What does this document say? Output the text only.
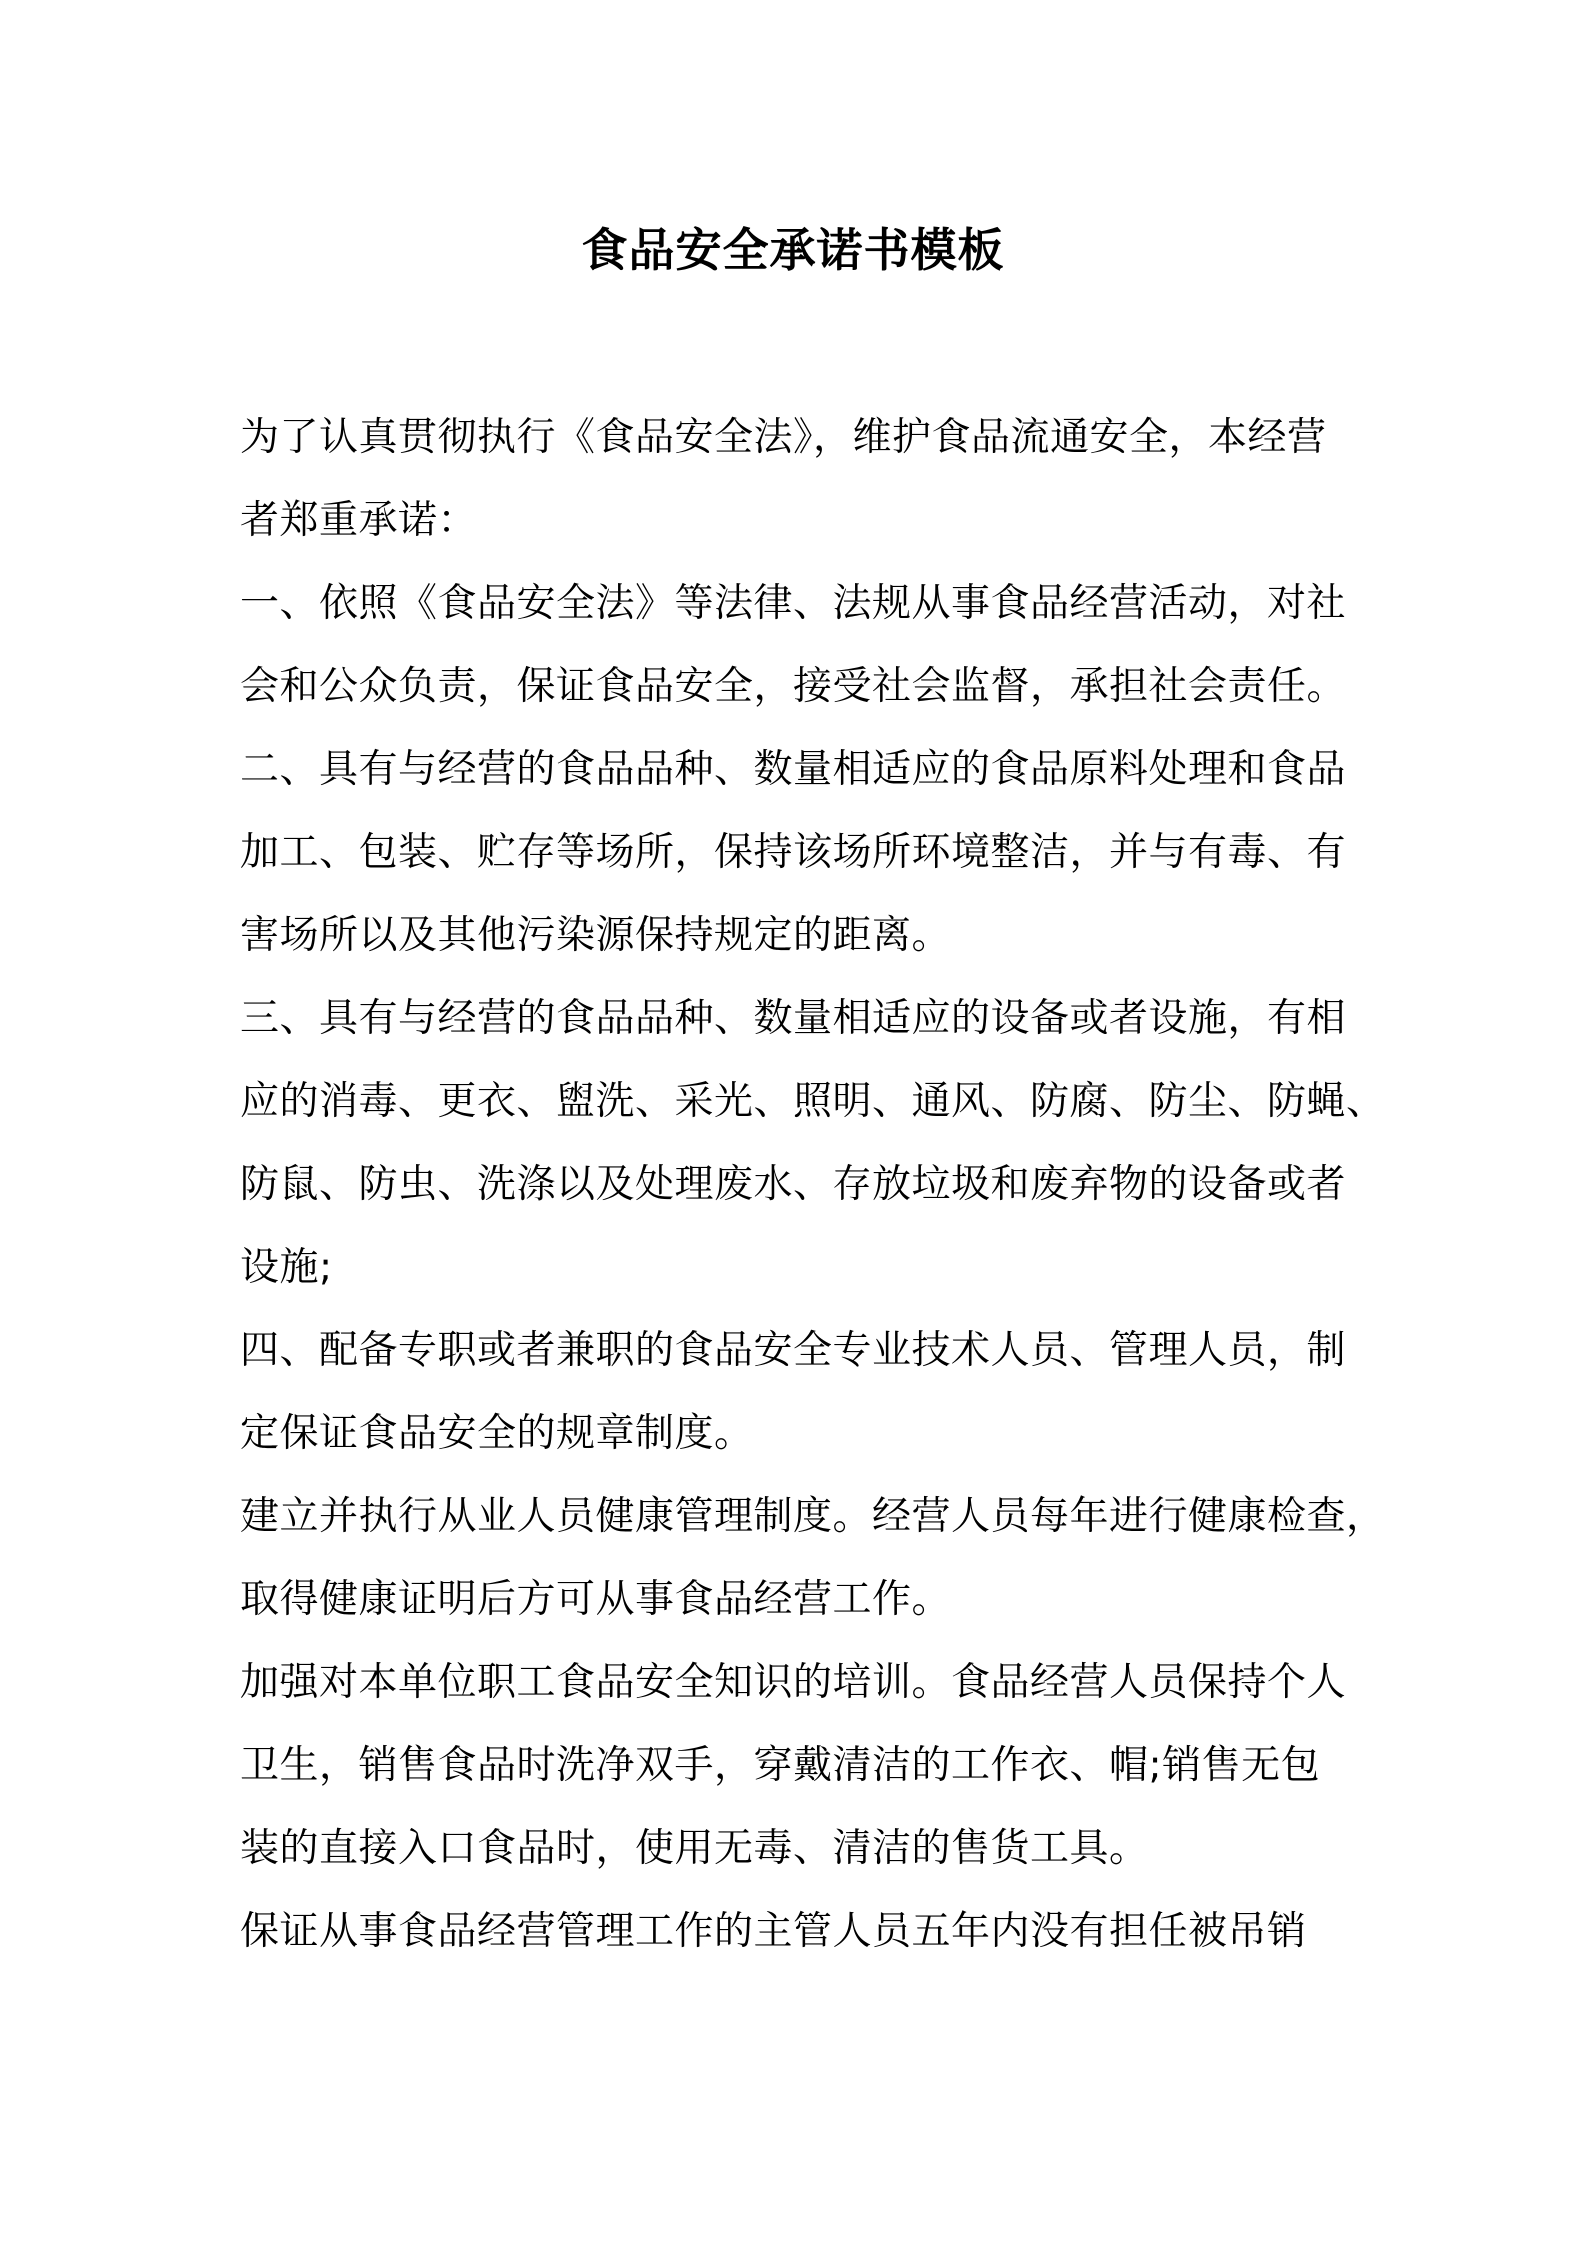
食品安全承诺书模板
为了认真贯彻执行《食品安全法》，维护食品流通安全，本经营
者郑重承诺：
一、依照《食品安全法》等法律、法规从事食品经营活动，对社
会和公众负责，保证食品安全，接受社会监督，承担社会责任。
二、具有与经营的食品品种、数量相适应的食品原料处理和食品
加工、包装、贮存等场所，保持该场所环境整洁，并与有毒、有
害场所以及其他污染源保持规定的距离。
三、具有与经营的食品品种、数量相适应的设备或者设施，有相
应的消毒、更衣、盥洗、采光、照明、通风、防腐、防尘、防蝇、
防鼠、防虫、洗涤以及处理废水、存放垃圾和废弃物的设备或者
设施;
四、配备专职或者兼职的食品安全专业技术人员、管理人员，制
定保证食品安全的规章制度。
建立并执行从业人员健康管理制度。经营人员每年进行健康检查，
取得健康证明后方可从事食品经营工作。
加强对本单位职工食品安全知识的培训。食品经营人员保持个人
卫生，销售食品时洗净双手，穿戴清洁的工作衣、帽;销售无包
装的直接入口食品时，使用无毒、清洁的售货工具。
保证从事食品经营管理工作的主管人员五年内没有担任被吊销
